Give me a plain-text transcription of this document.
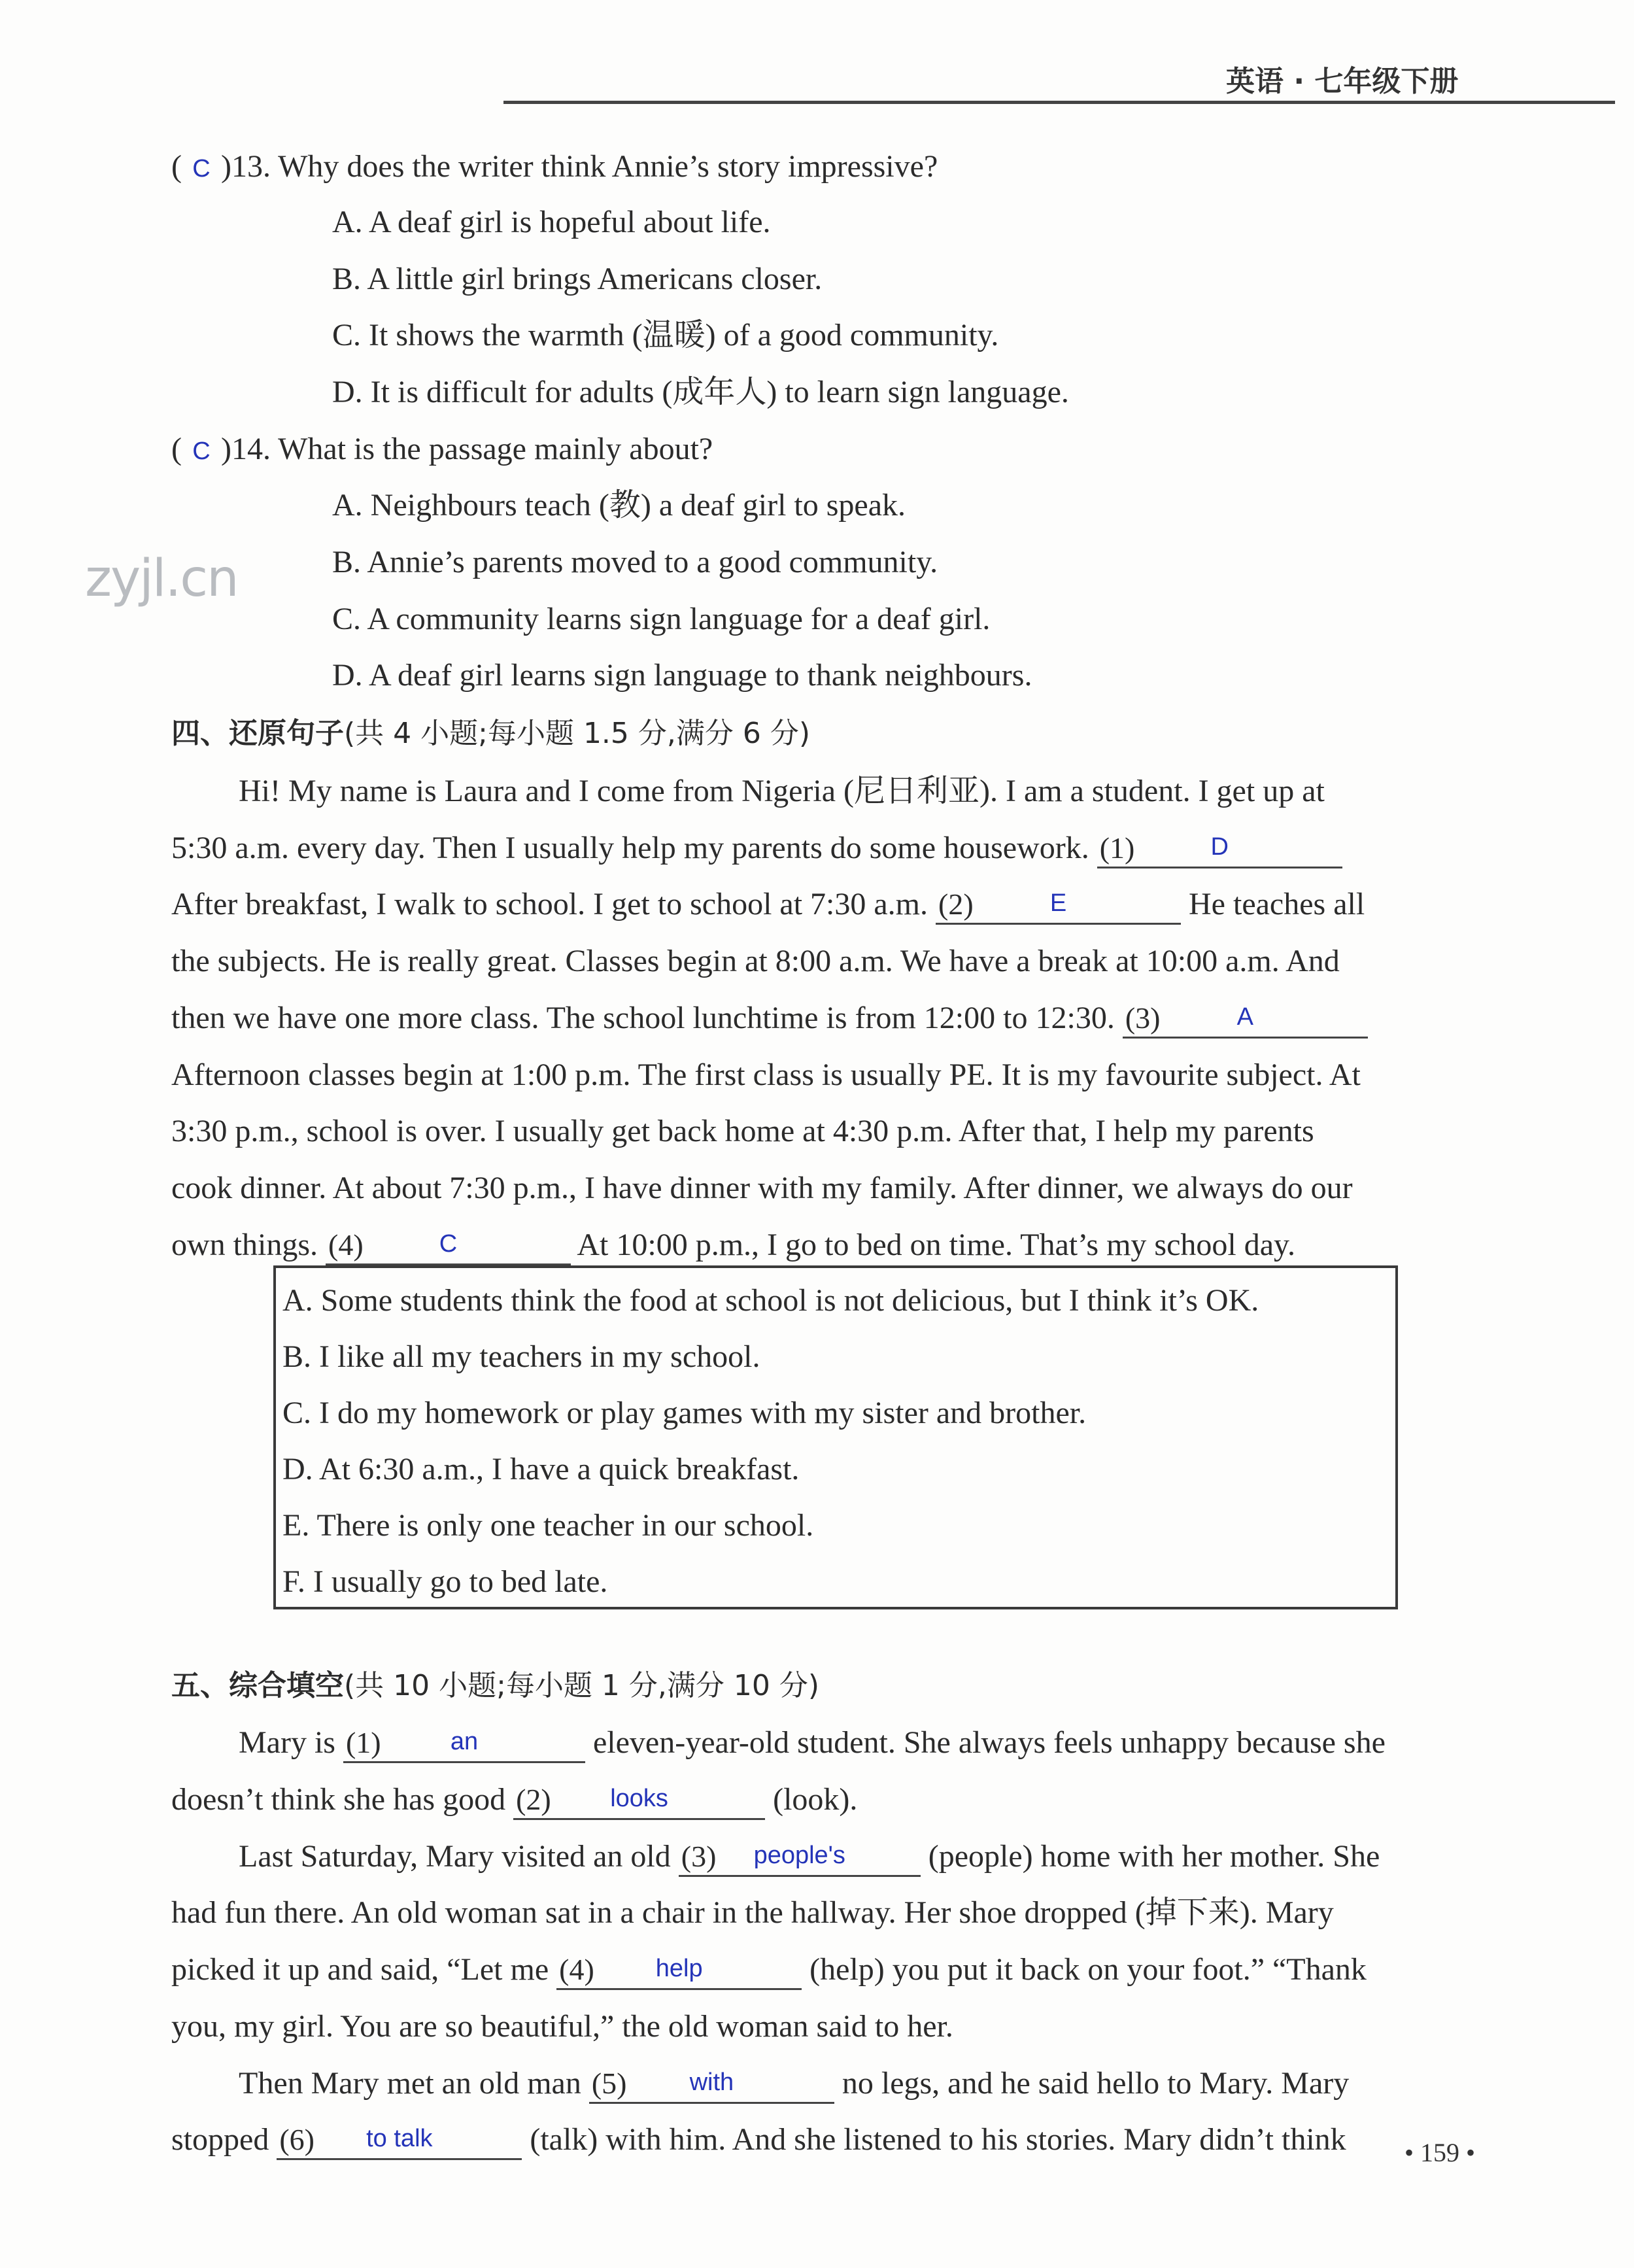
英语 · 七年级下册
zyjl.cn
( C )13. Why does the writer think Annie’s story impressive?
A. A deaf girl is hopeful about life.
B. A little girl brings Americans closer.
C. It shows the warmth (温暖) of a good community.
D. It is difficult for adults (成年人) to learn sign language.
( C )14. What is the passage mainly about?
A. Neighbours teach (教) a deaf girl to speak.
B. Annie’s parents moved to a good community.
C. A community learns sign language for a deaf girl.
D. A deaf girl learns sign language to thank neighbours.
四、还原句子(共 4 小题;每小题 1.5 分,满分 6 分)
Hi! My name is Laura and I come from Nigeria (尼日利亚). I am a student. I get up at
5:30 a.m. every day. Then I usually help my parents do some housework. (1)	D

After breakfast, I walk to school. I get to school at 7:30 a.m. (2)	E	He teaches all
the subjects. He is really great. Classes begin at 8:00 a.m. We have a break at 10:00 a.m. And
then we have one more class. The school lunchtime is from 12:00 to 12:30. (3)	A

Afternoon classes begin at 1:00 p.m. The first class is usually PE. It is my favourite subject. At
3:30 p.m., school is over. I usually get back home at 4:30 p.m. After that, I help my parents
cook dinner. At about 7:30 p.m., I have dinner with my family. After dinner, we always do our
own things. (4)	C	At 10:00 p.m., I go to bed on time. That’s my school day.
A. Some students think the food at school is not delicious, but I think it’s OK.
B. I like all my teachers in my school.
C. I do my homework or play games with my sister and brother.
D. At 6:30 a.m., I have a quick breakfast.
E. There is only one teacher in our school.
F. I usually go to bed late.
五、综合填空(共 10 小题;每小题 1 分,满分 10 分)
Mary is (1)	an	eleven-year-old student. She always feels unhappy because she
doesn’t think she has good (2)	looks	(look).
Last Saturday, Mary visited an old (3)	people's	(people) home with her mother. She
had fun there. An old woman sat in a chair in the hallway. Her shoe dropped (掉下来). Mary
picked it up and said, “Let me (4)	help	(help) you put it back on your foot.” “Thank
you, my girl. You are so beautiful,” the old woman said to her.
Then Mary met an old man (5)	with	no legs, and he said hello to Mary. Mary
stopped (6)	to talk	(talk) with him. And she listened to his stories. Mary didn’t think • 159 •
